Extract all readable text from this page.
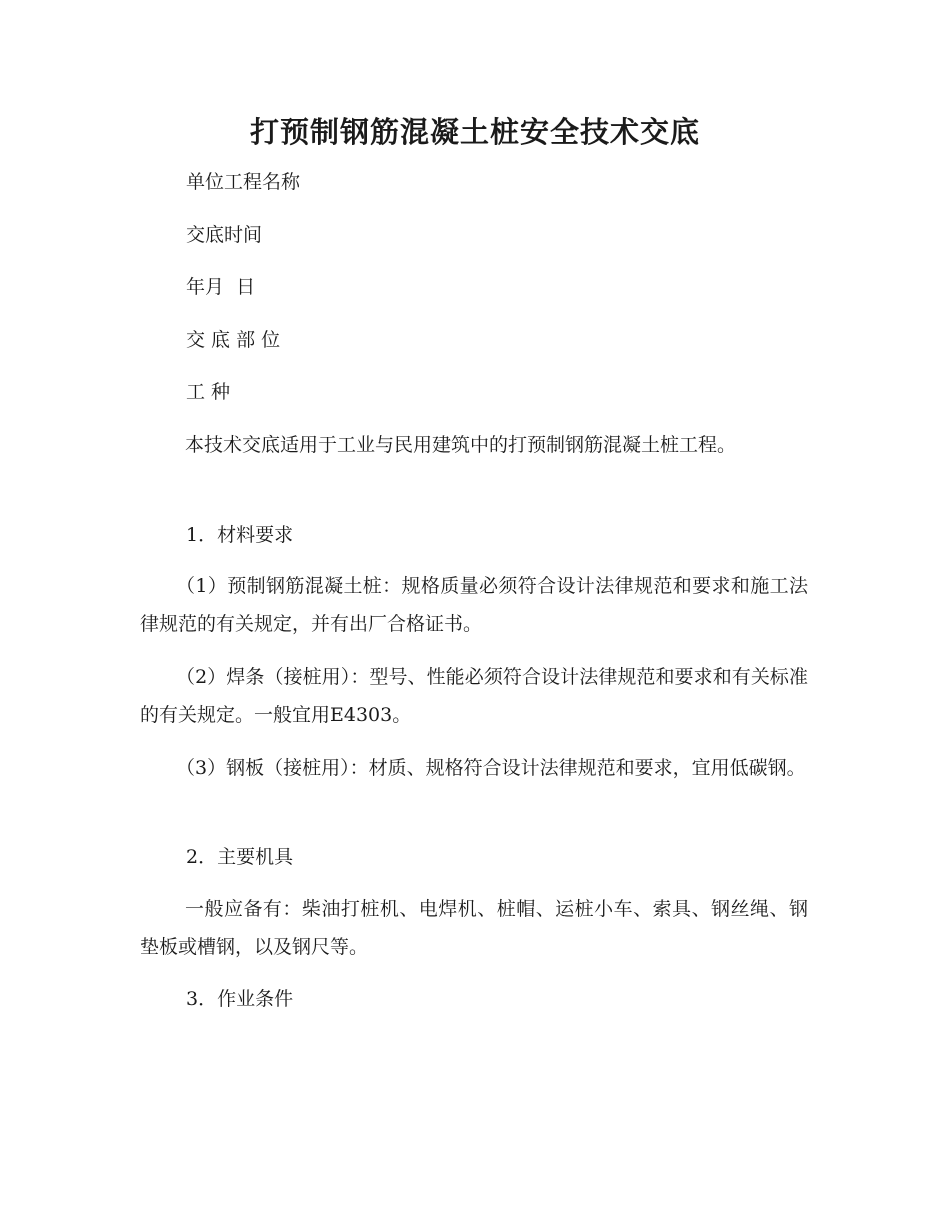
打预制钢筋混凝土桩安全技术交底

单位工程名称

交底时间

年月  日

交 底 部 位

工 种

本技术交底适用于工业与民用建筑中的打预制钢筋混凝土桩工程。

1．材料要求

（1）预制钢筋混凝土桩：规格质量必须符合设计法律规范和要求和施工法律规范的有关规定，并有出厂合格证书。

（2）焊条（接桩用）：型号、性能必须符合设计法律规范和要求和有关标准的有关规定。一般宜用E4303。

（3）钢板（接桩用）：材质、规格符合设计法律规范和要求，宜用低碳钢。

2．主要机具

一般应备有：柴油打桩机、电焊机、桩帽、运桩小车、索具、钢丝绳、钢垫板或槽钢，以及钢尺等。

3．作业条件
